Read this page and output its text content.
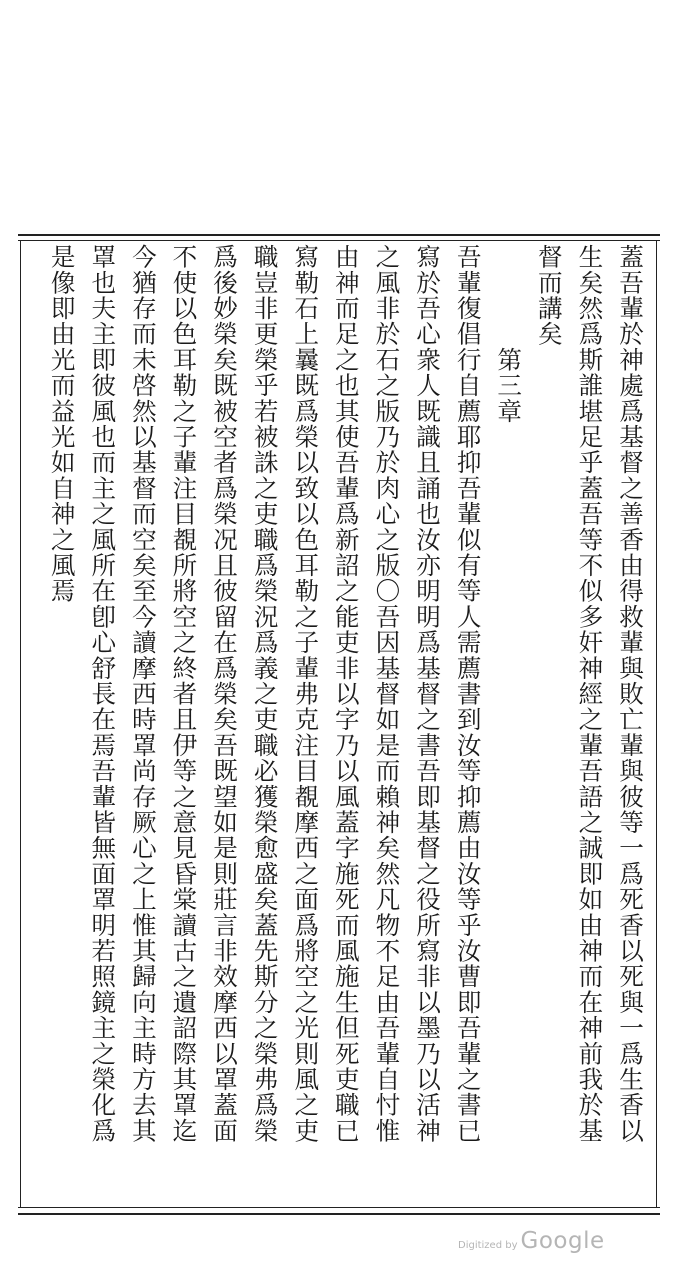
蓋吾輩於神處爲基督之善香由得救輩與敗亡輩與彼等一爲死香以死與一爲生香以
生矣然爲斯誰堪足乎蓋吾等不似多奸神經之輩吾語之誠即如由神而在神前我於基
督而講矣
　　　　第三章
吾輩復倡行自薦耶抑吾輩似有等人需薦書到汝等抑薦由汝等乎汝曹即吾輩之書已
寫於吾心衆人既識且誦也汝亦明明爲基督之書吾即基督之役所寫非以墨乃以活神
之風非於石之版乃於肉心之版〇吾因基督如是而賴神矣然凡物不足由吾輩自忖惟
由神而足之也其使吾輩爲新詔之能吏非以字乃以風蓋字施死而風施生但死吏職已
寫勒石上曩既爲榮以致以色耳勒之子輩弗克注目覩摩西之面爲將空之光則風之吏
職豈非更榮乎若被誅之吏職爲榮況爲義之吏職必獲榮愈盛矣蓋先斯分之榮弗爲榮
爲後妙榮矣既被空者爲榮况且彼留在爲榮矣吾既望如是則莊言非效摩西以罩蓋面
不使以色耳勒之子輩注目覩所將空之終者且伊等之意見昏棠讀古之遺詔際其罩迄
今猶存而未啓然以基督而空矣至今讀摩西時罩尚存厥心之上惟其歸向主時方去其
罩也夫主即彼風也而主之風所在卽心舒長在焉吾輩皆無面罩明若照鏡主之榮化爲
是像即由光而益光如自神之風焉
Digitized by Google
